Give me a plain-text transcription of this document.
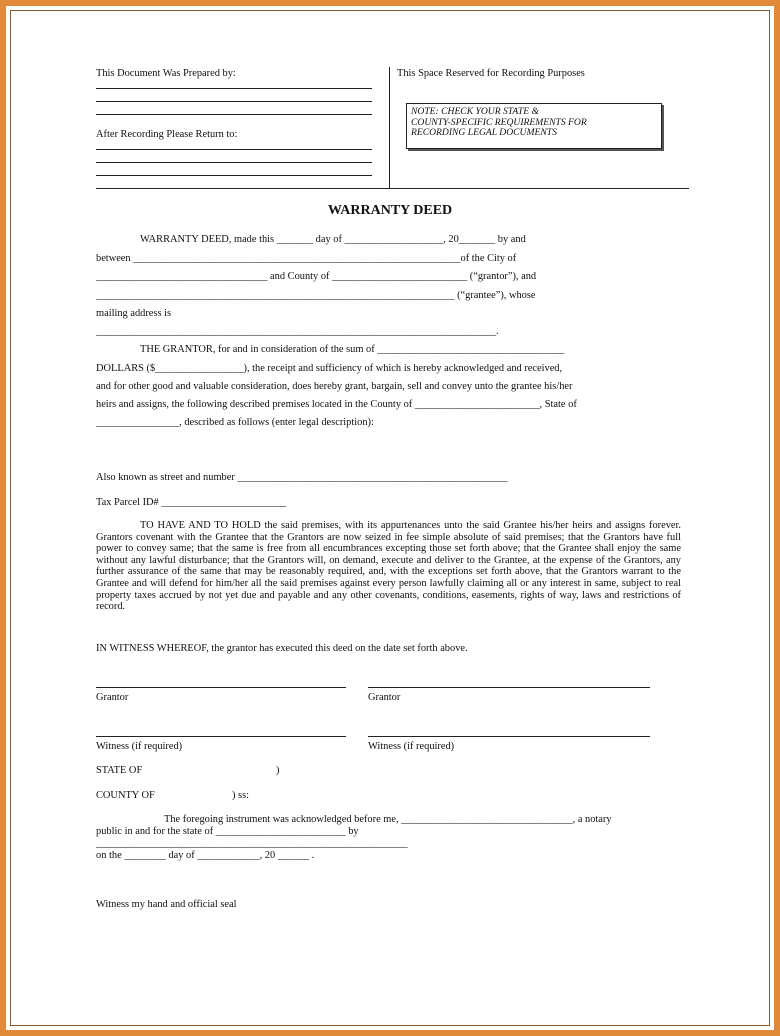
This Document Was Prepared by:
After Recording Please Return to:
This Space Reserved for Recording Purposes
NOTE: CHECK YOUR STATE &
COUNTY-SPECIFIC REQUIREMENTS FOR
RECORDING LEGAL DOCUMENTS
WARRANTY DEED
WARRANTY DEED, made this _______ day of ___________________, 20_______ by and
between _______________________________________________________________of the City of
_________________________________ and County of __________________________ (“grantor”), and
_____________________________________________________________________ (“grantee”), whose
mailing address is
_____________________________________________________________________________.
THE GRANTOR, for and in consideration of the sum of ____________________________________
DOLLARS ($_________________), the receipt and sufficiency of which is hereby acknowledged and received,
and for other good and valuable consideration, does hereby grant, bargain, sell and convey unto the grantee his/her
heirs and assigns, the following described premises located in the County of ________________________, State of
________________, described as follows (enter legal description):
Also known as street and number ____________________________________________________
Tax Parcel ID# ________________________
TO HAVE AND TO HOLD the said premises, with its appurtenances unto the said Grantee his/her heirs and assigns forever. Grantors covenant with the Grantee that the Grantors are now seized in fee simple absolute of said premises; that the Grantors have full power to convey same; that the same is free from all encumbrances excepting those set forth above; that the Grantee shall enjoy the same without any lawful disturbance; that the Grantors will, on demand, execute and deliver to the Grantee, at the expense of the Grantors, any further assurance of the same that may be reasonably required, and, with the exceptions set forth above, that the Grantors warrant to the Grantee and will defend for him/her all the said premises against every person lawfully claiming all or any interest in same, subject to real property taxes accrued by not yet due and payable and any other covenants, conditions, easements, rights of way, laws and restrictions of record.
IN WITNESS WHEREOF, the grantor has executed this deed on the date set forth above.
Grantor	Grantor
Witness (if required)	Witness (if required)
STATE OF	)
COUNTY OF	) ss:
The foregoing instrument was acknowledged before me, _________________________________, a notary
public in and for the state of _________________________ by
____________________________________________________________
on the ________ day of ____________, 20 ______ .
Witness my hand and official seal
